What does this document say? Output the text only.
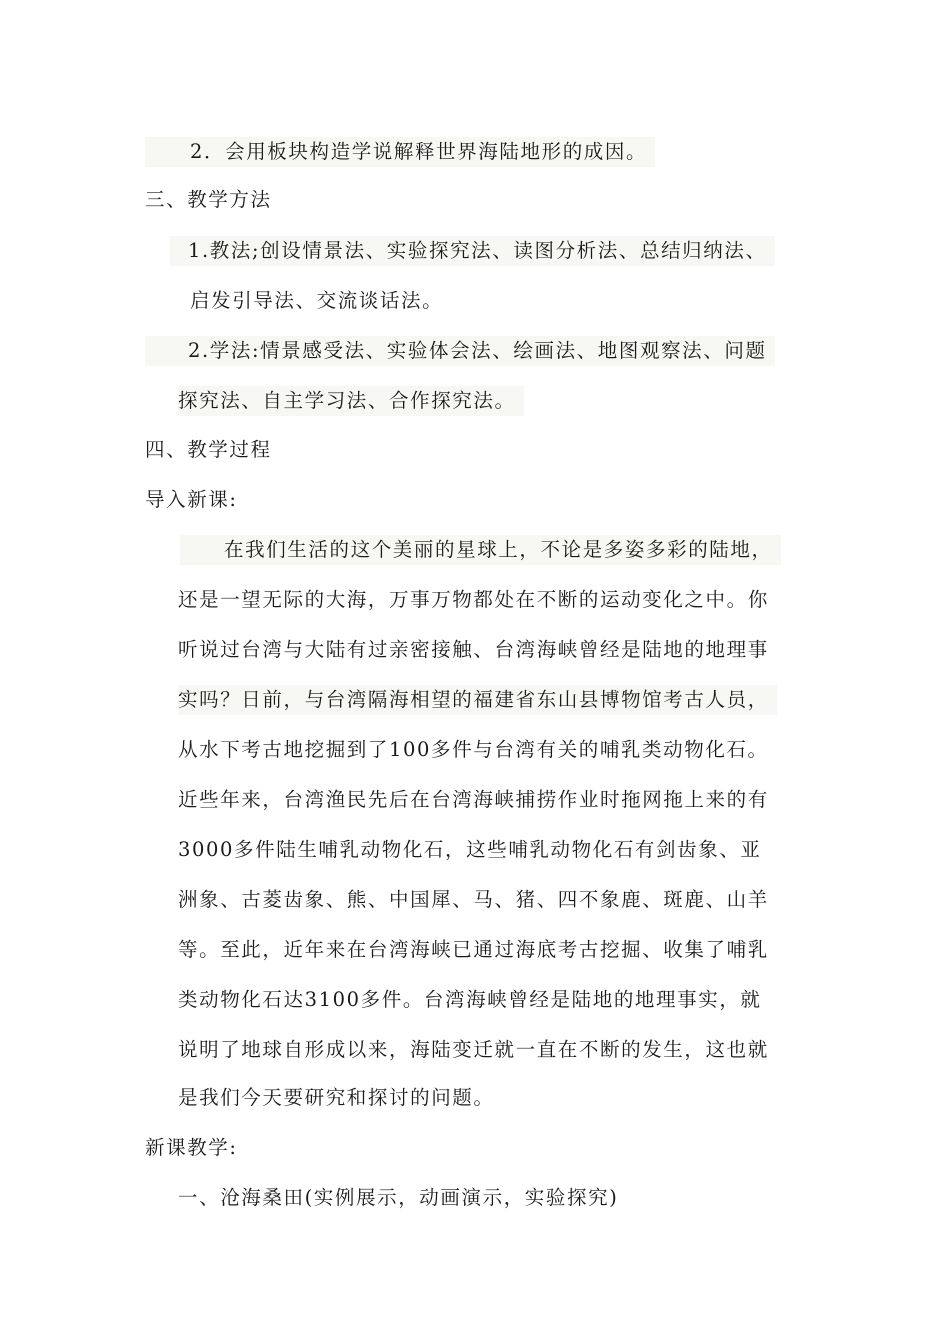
2．会用板块构造学说解释世界海陆地形的成因。
三、教学方法
1.教法;创设情景法、实验探究法、读图分析法、总结归纳法、
启发引导法、交流谈话法。
2.学法:情景感受法、实验体会法、绘画法、地图观察法、问题
探究法、自主学习法、合作探究法。
四、教学过程
导入新课:
在我们生活的这个美丽的星球上，不论是多姿多彩的陆地，
还是一望无际的大海，万事万物都处在不断的运动变化之中。你
听说过台湾与大陆有过亲密接触、台湾海峡曾经是陆地的地理事
实吗？日前，与台湾隔海相望的福建省东山县博物馆考古人员，
从水下考古地挖掘到了100多件与台湾有关的哺乳类动物化石。
近些年来，台湾渔民先后在台湾海峡捕捞作业时拖网拖上来的有
3000多件陆生哺乳动物化石，这些哺乳动物化石有剑齿象、亚
洲象、古菱齿象、熊、中国犀、马、猪、四不象鹿、斑鹿、山羊
等。至此，近年来在台湾海峡已通过海底考古挖掘、收集了哺乳
类动物化石达3100多件。台湾海峡曾经是陆地的地理事实，就
说明了地球自形成以来，海陆变迁就一直在不断的发生，这也就
是我们今天要研究和探讨的问题。
新课教学:
一、沧海桑田(实例展示，动画演示，实验探究)
